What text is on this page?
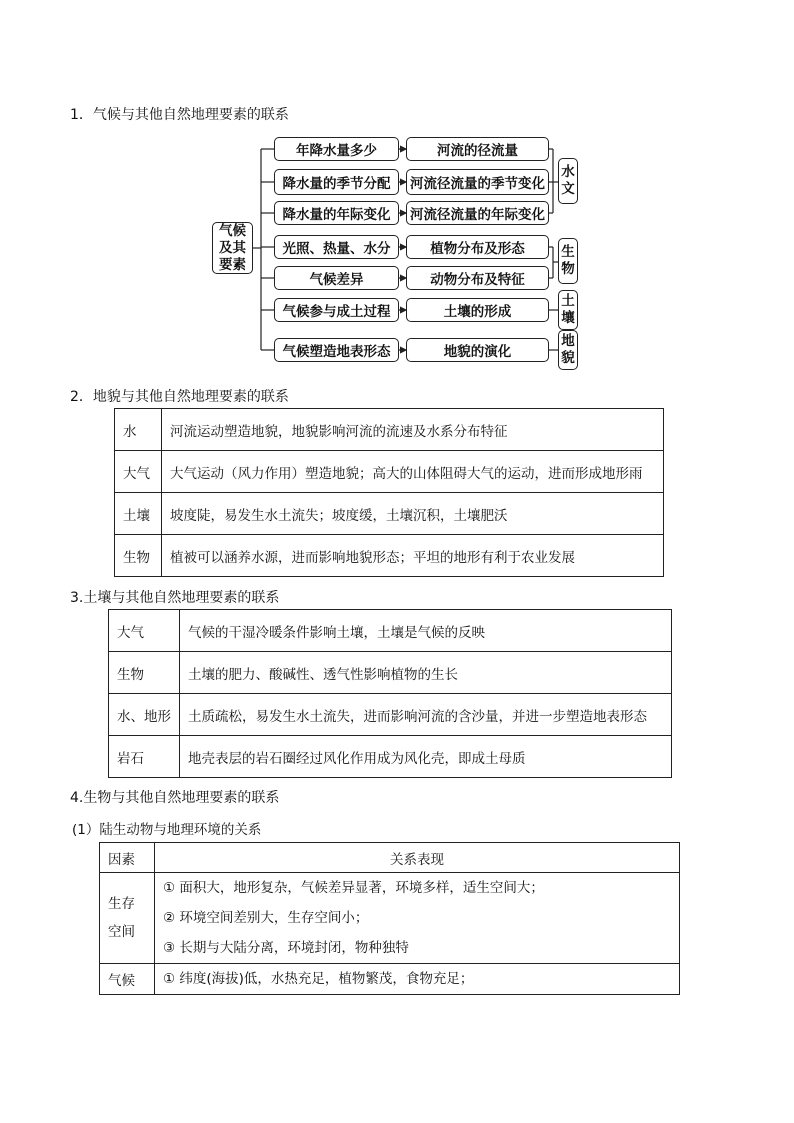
1．气候与其他自然地理要素的联系
气候及其要素
年降水量多少
降水量的季节分配
降水量的年际变化
光照、热量、水分
气候差异
气候参与成土过程
气候塑造地表形态
河流的径流量
河流径流量的季节变化
河流径流量的年际变化
植物分布及形态
动物分布及特征
土壤的形成
地貌的演化
水文
生物
土壤
地貌
2．地貌与其他自然地理要素的联系
水	河流运动塑造地貌，地貌影响河流的流速及水系分布特征
大气	大气运动（风力作用）塑造地貌；高大的山体阻碍大气的运动，进而形成地形雨
土壤	坡度陡，易发生水土流失；坡度缓，土壤沉积，土壤肥沃
生物	植被可以涵养水源，进而影响地貌形态；平坦的地形有利于农业发展
3.土壤与其他自然地理要素的联系
大气	气候的干湿冷暖条件影响土壤，土壤是气候的反映
生物	土壤的肥力、酸碱性、透气性影响植物的生长
水、地形	土质疏松，易发生水土流失，进而影响河流的含沙量，并进一步塑造地表形态
岩石	地壳表层的岩石圈经过风化作用成为风化壳，即成土母质
4.生物与其他自然地理要素的联系
(1）陆生动物与地理环境的关系
因素	关系表现
生存空间	① 面积大，地形复杂，气候差异显著，环境多样，适生空间大；
② 环境空间差别大，生存空间小；
③ 长期与大陆分离，环境封闭，物种独特

气候	① 纬度(海拔)低，水热充足，植物繁茂，食物充足；
